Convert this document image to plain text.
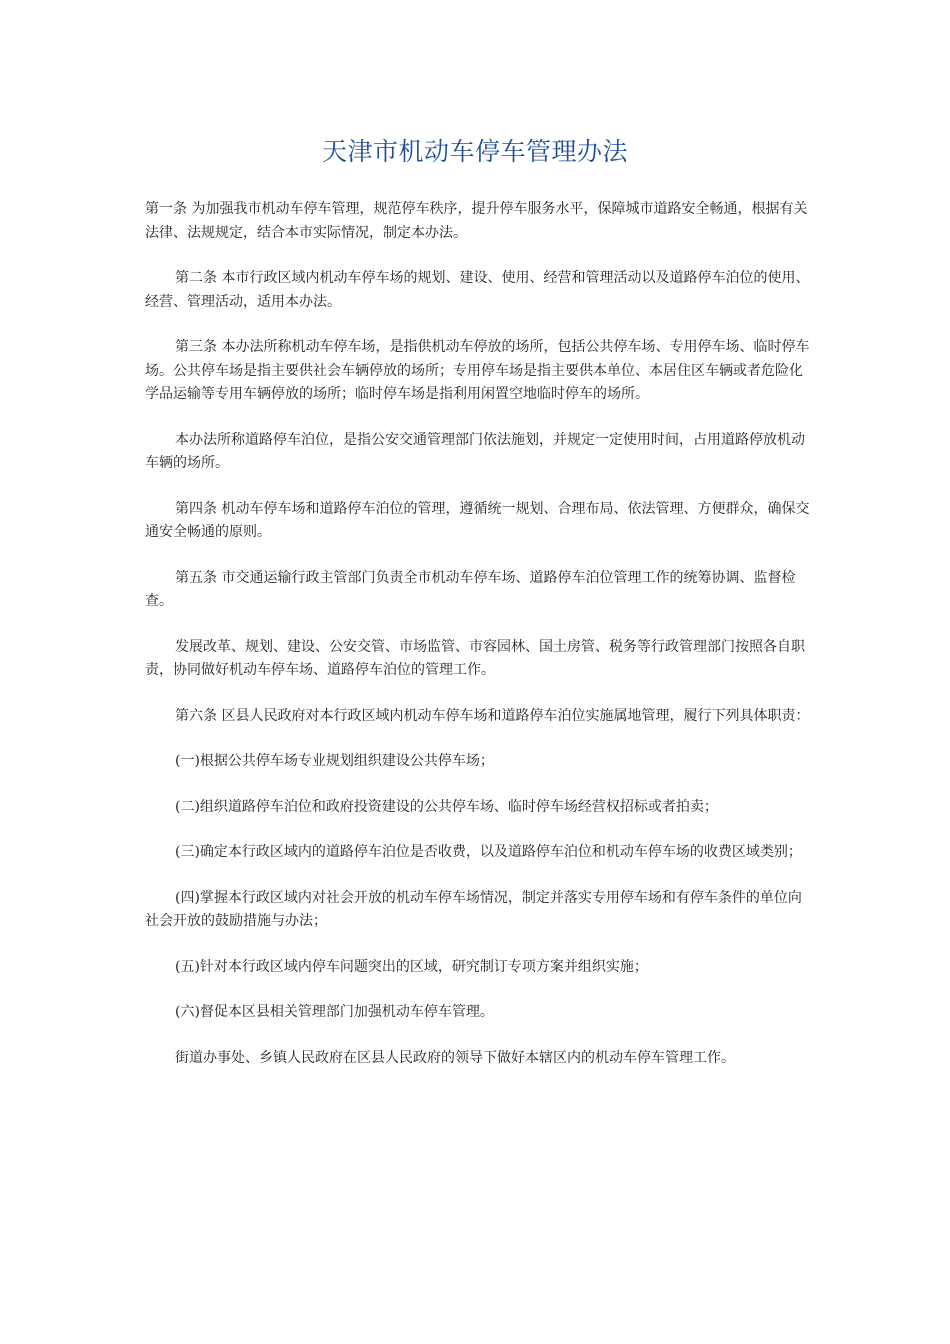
天津市机动车停车管理办法

第一条 为加强我市机动车停车管理，规范停车秩序，提升停车服务水平，保障城市道路安全畅通，根据有关法律、法规规定，结合本市实际情况，制定本办法。

第二条 本市行政区域内机动车停车场的规划、建设、使用、经营和管理活动以及道路停车泊位的使用、经营、管理活动，适用本办法。

第三条 本办法所称机动车停车场，是指供机动车停放的场所，包括公共停车场、专用停车场、临时停车场。公共停车场是指主要供社会车辆停放的场所；专用停车场是指主要供本单位、本居住区车辆或者危险化学品运输等专用车辆停放的场所；临时停车场是指利用闲置空地临时停车的场所。

本办法所称道路停车泊位，是指公安交通管理部门依法施划，并规定一定使用时间，占用道路停放机动车辆的场所。

第四条 机动车停车场和道路停车泊位的管理，遵循统一规划、合理布局、依法管理、方便群众，确保交通安全畅通的原则。

第五条 市交通运输行政主管部门负责全市机动车停车场、道路停车泊位管理工作的统筹协调、监督检查。

发展改革、规划、建设、公安交管、市场监管、市容园林、国土房管、税务等行政管理部门按照各自职责，协同做好机动车停车场、道路停车泊位的管理工作。

第六条 区县人民政府对本行政区域内机动车停车场和道路停车泊位实施属地管理，履行下列具体职责：

(一)根据公共停车场专业规划组织建设公共停车场；

(二)组织道路停车泊位和政府投资建设的公共停车场、临时停车场经营权招标或者拍卖；

(三)确定本行政区域内的道路停车泊位是否收费，以及道路停车泊位和机动车停车场的收费区域类别；

(四)掌握本行政区域内对社会开放的机动车停车场情况，制定并落实专用停车场和有停车条件的单位向社会开放的鼓励措施与办法；

(五)针对本行政区域内停车问题突出的区域，研究制订专项方案并组织实施；

(六)督促本区县相关管理部门加强机动车停车管理。

街道办事处、乡镇人民政府在区县人民政府的领导下做好本辖区内的机动车停车管理工作。
